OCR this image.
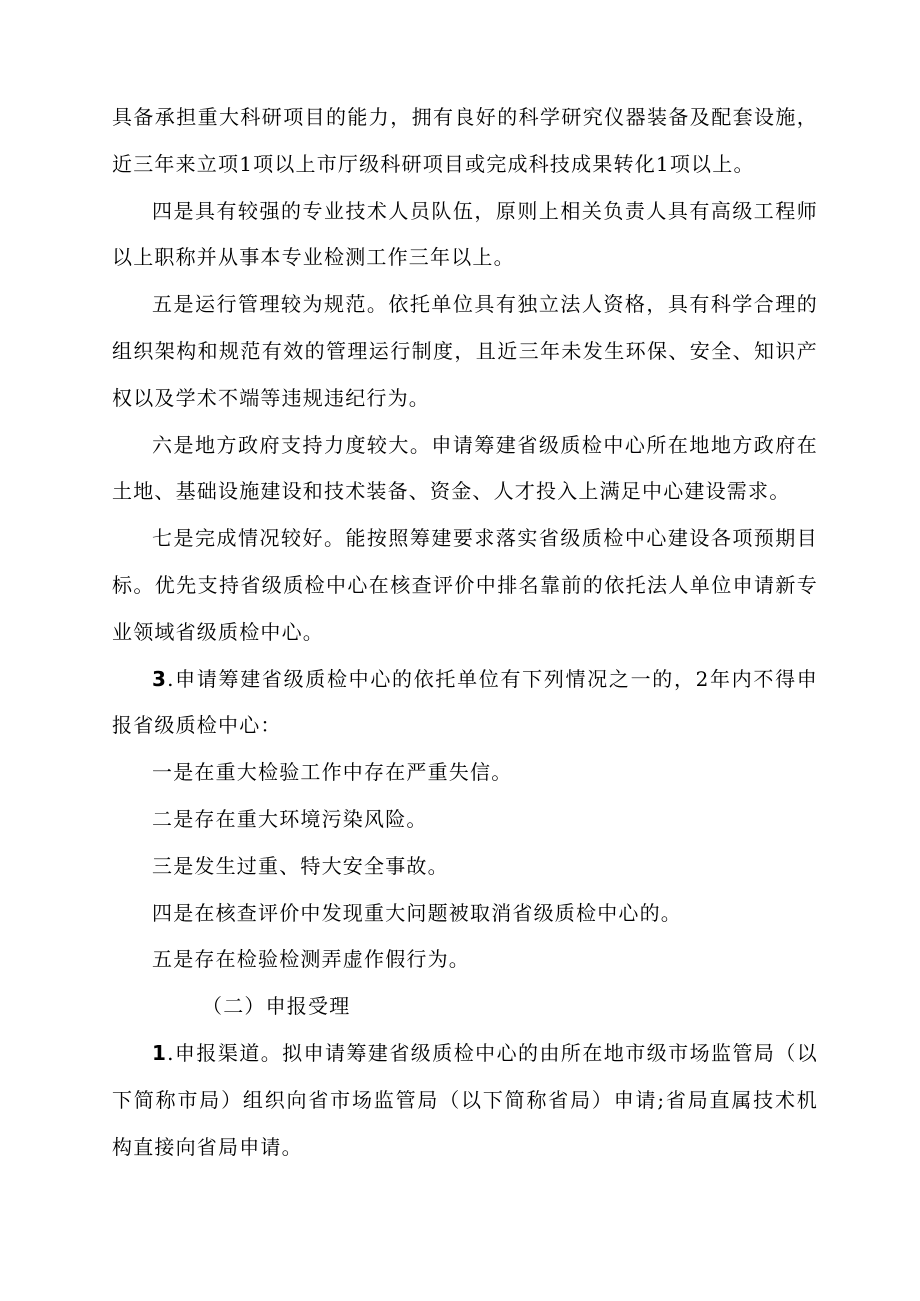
具备承担重大科研项目的能力，拥有良好的科学研究仪器装备及配套设施，近三年来立项1项以上市厅级科研项目或完成科技成果转化1项以上。

四是具有较强的专业技术人员队伍，原则上相关负责人具有高级工程师以上职称并从事本专业检测工作三年以上。

五是运行管理较为规范。依托单位具有独立法人资格，具有科学合理的组织架构和规范有效的管理运行制度，且近三年未发生环保、安全、知识产权以及学术不端等违规违纪行为。

六是地方政府支持力度较大。申请筹建省级质检中心所在地地方政府在土地、基础设施建设和技术装备、资金、人才投入上满足中心建设需求。

七是完成情况较好。能按照筹建要求落实省级质检中心建设各项预期目标。优先支持省级质检中心在核查评价中排名靠前的依托法人单位申请新专业领域省级质检中心。

3.申请筹建省级质检中心的依托单位有下列情况之一的，2年内不得申报省级质检中心：

一是在重大检验工作中存在严重失信。

二是存在重大环境污染风险。

三是发生过重、特大安全事故。

四是在核查评价中发现重大问题被取消省级质检中心的。

五是存在检验检测弄虚作假行为。

（二）申报受理

1.申报渠道。拟申请筹建省级质检中心的由所在地市级市场监管局（以下简称市局）组织向省市场监管局（以下简称省局）申请;省局直属技术机构直接向省局申请。
